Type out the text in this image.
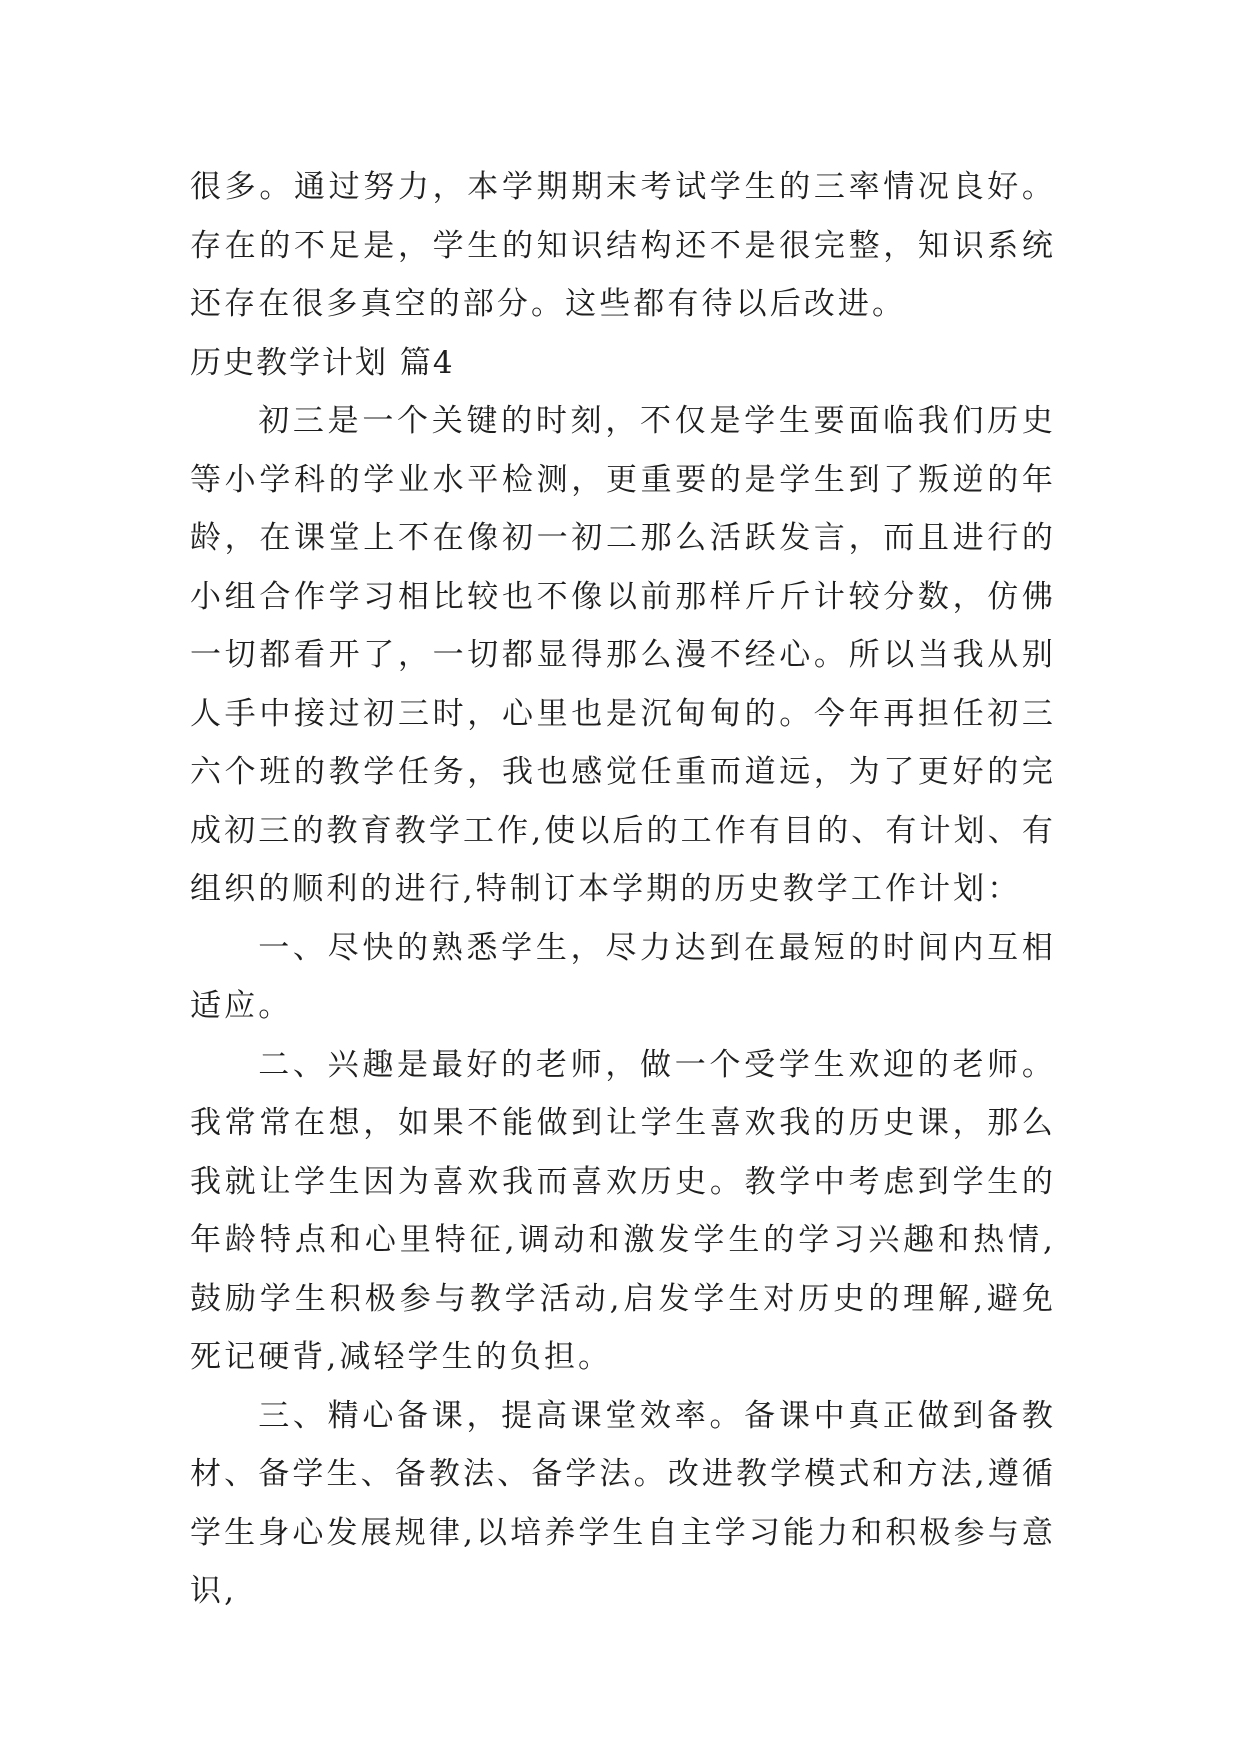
很多。通过努力，本学期期末考试学生的三率情况良好。存在的不足是，学生的知识结构还不是很完整，知识系统还存在很多真空的部分。这些都有待以后改进。

历史教学计划 篇4

初三是一个关键的时刻，不仅是学生要面临我们历史等小学科的学业水平检测，更重要的是学生到了叛逆的年龄，在课堂上不在像初一初二那么活跃发言，而且进行的小组合作学习相比较也不像以前那样斤斤计较分数，仿佛一切都看开了，一切都显得那么漫不经心。所以当我从别人手中接过初三时，心里也是沉甸甸的。今年再担任初三六个班的教学任务，我也感觉任重而道远，为了更好的完成初三的教育教学工作,使以后的工作有目的、有计划、有组织的顺利的进行,特制订本学期的历史教学工作计划：

一、尽快的熟悉学生，尽力达到在最短的时间内互相适应。

二、兴趣是最好的老师，做一个受学生欢迎的老师。我常常在想，如果不能做到让学生喜欢我的历史课，那么我就让学生因为喜欢我而喜欢历史。教学中考虑到学生的年龄特点和心里特征,调动和激发学生的学习兴趣和热情,鼓励学生积极参与教学活动,启发学生对历史的理解,避免死记硬背,减轻学生的负担。

三、精心备课，提高课堂效率。备课中真正做到备教材、备学生、备教法、备学法。改进教学模式和方法,遵循学生身心发展规律,以培养学生自主学习能力和积极参与意识,
